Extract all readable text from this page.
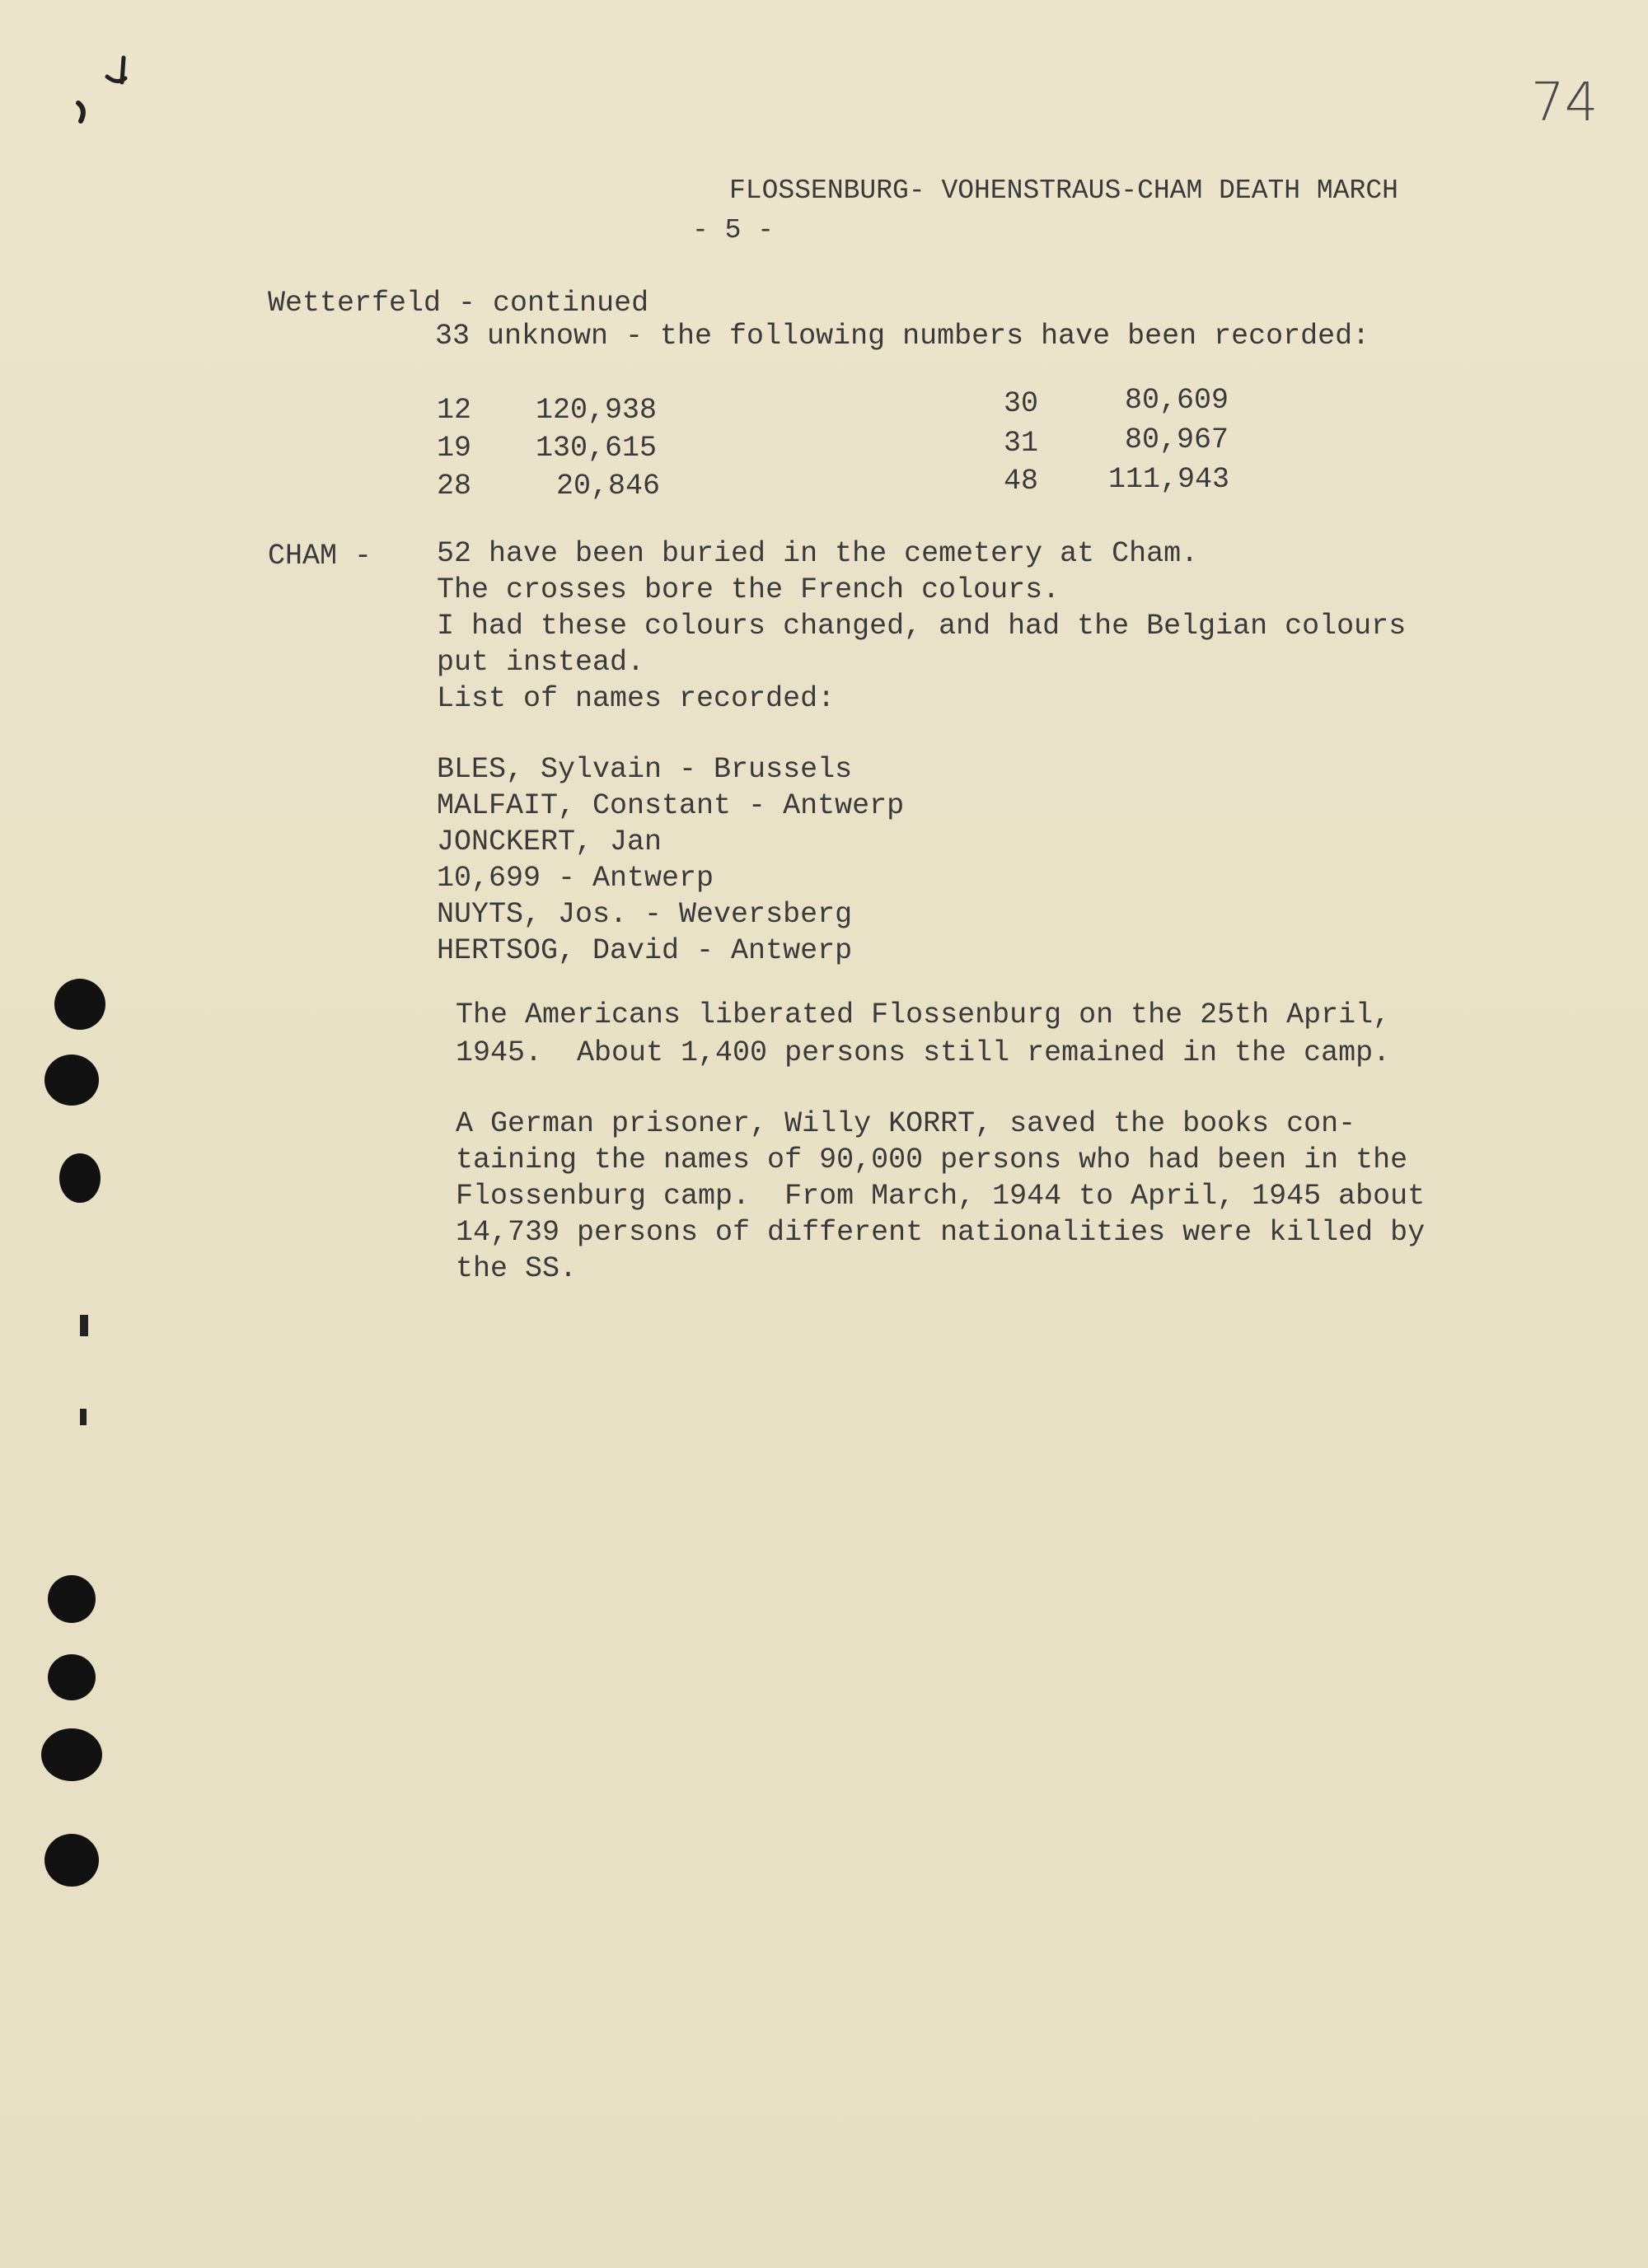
74
FLOSSENBURG- VOHENSTRAUS-CHAM DEATH MARCH
- 5 -
Wetterfeld - continued
33 unknown - the following numbers have been recorded:
12 120,938
19 130,615
28	20,846
30	80,609
31	80,967
48 111,943
CHAM - 52 have been buried in the cemetery at Cham.
The crosses bore the French colours.
I had these colours changed, and had the Belgian colours
put instead.
List of names recorded:
BLES, Sylvain - Brussels
MALFAIT, Constant - Antwerp
JONCKERT, Jan
10,699 - Antwerp
NUYTS, Jos. - Weversberg
HERTSOG, David - Antwerp
The Americans liberated Flossenburg on the 25th April,
1945.  About 1,400 persons still remained in the camp.
A German prisoner, Willy KORRT, saved the books con-
taining the names of 90,000 persons who had been in the
Flossenburg camp.  From March, 1944 to April, 1945 about
14,739 persons of different nationalities were killed by
the SS.
